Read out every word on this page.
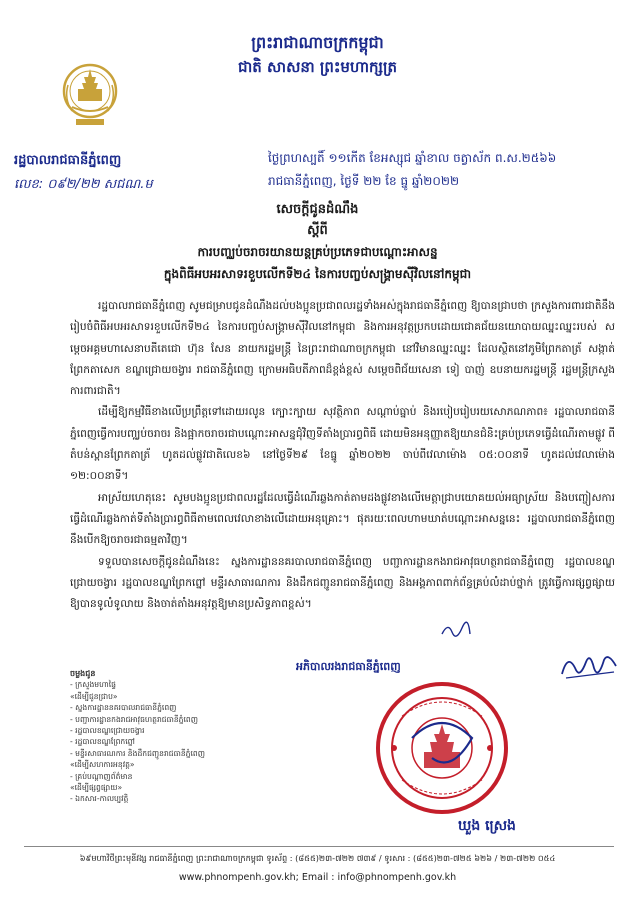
ព្រះរាជាណាចក្រកម្ពុជា
ជាតិ សាសនា ព្រះមហាក្សត្រ
រដ្ឋបាលរាជធានីភ្នំពេញ
លេខ: ០៩២/២២ សជណ.ម
ថ្ងៃព្រហស្បតិ៍ ១១កើត ខែអស្សុជ ឆ្នាំខាល ចត្វាស័ក ព.ស.២៥៦៦
រាជធានីភ្នំពេញ, ថ្ងៃទី ២២ ខែ ធ្នូ ឆ្នាំ២០២២
សេចក្តីជូនដំណឹង
ស្តីពី
ការបញ្ឈប់ចរាចរយានយន្តគ្រប់ប្រភេទជាបណ្តោះអាសន្ន
ក្នុងពិធីអបអរសាទរខួបលើកទី២៤ នៃការបញ្ចប់សង្គ្រាមស៊ីវិលនៅកម្ពុជា

រដ្ឋបាលរាជធានីភ្នំពេញ សូមជម្រាបជូនដំណឹងដល់បងប្អូនប្រជាពលរដ្ឋទាំងអស់ក្នុងរាជធានីភ្នំពេញ ឱ្យបានជ្រាបថា ក្រសួងការពារជាតិនឹងរៀបចំពិធីអបអរសាទរខួបលើកទី២៤ នៃការបញ្ចប់សង្គ្រាមស៊ីវិលនៅកម្ពុជា និងការអនុវត្តប្រកបដោយជោគជ័យនយោបាយឈ្នះឈ្នះរបស់ សម្តេចអគ្គមហាសេនាបតីតេជោ ហ៊ុន សែន នាយករដ្ឋមន្ត្រី នៃព្រះរាជាណាចក្រកម្ពុជា នៅវិមានឈ្នះឈ្នះ ដែលស្ថិតនៅភូមិព្រែកតាត្រ័ សង្កាត់ព្រែកតាសេក ខណ្ឌជ្រោយចង្វារ រាជធានីភ្នំពេញ ក្រោមអធិបតីភាពដ៏ខ្ពង់ខ្ពស់ សម្តេចពិជ័យសេនា ទៀ បាញ់ ឧបនាយករដ្ឋមន្ត្រី រដ្ឋមន្ត្រីក្រសួងការពារជាតិ។

ដើម្បីឱ្យកម្មវិធីខាងលើប្រព្រឹត្តទៅដោយរលូន ក្បោះក្បាយ សុវត្ថិភាព សណ្តាប់ធ្នាប់ និងរបៀបរៀបរយសោភណភាព៖ រដ្ឋបាលរាជធានីភ្នំពេញធ្វើការបញ្ឈប់ចរាចរ និងផ្អាកចរាចរជាបណ្តោះអាសន្នជុំវិញទីតាំងប្រារព្ធពិធី ដោយមិនអនុញ្ញាតឱ្យយានជំនិះគ្រប់ប្រភេទធ្វើដំណើរតាមផ្លូវ ពីតំបន់ស្ពានព្រែកតាត្រ័ ហូតដល់ផ្លូវជាតិលេខ៦ នៅថ្ងៃទី២៩ ខែធ្នូ ឆ្នាំ២០២២ ចាប់ពីវេលាម៉ោង ០៥:០០នាទី ហូតដល់វេលាម៉ោង ១២:០០នាទី។

អាស្រ័យហេតុនេះ សូមបងប្អូនប្រជាពលរដ្ឋដែលធ្វើដំណើរឆ្លងកាត់តាមដងផ្លូវខាងលើមេត្តាជ្រាបយោគយល់អធ្យាស្រ័យ និងបញ្ចៀសការធ្វើដំណើរឆ្លងកាត់ទីតាំងប្រារព្ធពិធីតាមពេលវេលាខាងលើដោយអនុគ្រោះ។ ផុតរយៈពេលហាមឃាត់បណ្តោះអាសន្ននេះ រដ្ឋបាលរាជធានីភ្នំពេញនឹងបើកឱ្យចរាចរជាធម្មតាវិញ។

ទទួលបានសេចក្តីជូនដំណឹងនេះ ស្នងការដ្ឋាននគរបាលរាជធានីភ្នំពេញ បញ្ជាការដ្ឋានកងរាជអាវុធហត្ថរាជធានីភ្នំពេញ រដ្ឋបាលខណ្ឌជ្រោយចង្វារ រដ្ឋបាលខណ្ឌព្រែកព្នៅ មន្ទីរសាធារណការ និងដឹកជញ្ជូនរាជធានីភ្នំពេញ និងអង្គភាពពាក់ព័ន្ធគ្រប់លំដាប់ថ្នាក់ ត្រូវធ្វើការផ្សព្វផ្សាយឱ្យបានទូលំទូលាយ និងចាត់តាំងអនុវត្តឱ្យមានប្រសិទ្ធភាពខ្ពស់។

ចម្លងជូន
- ក្រសួងមហាផ្ទៃ
«ដើម្បីជូនជ្រាប»
- ស្នងការដ្ឋាននគរបាលរាជធានីភ្នំពេញ
- បញ្ជាការដ្ឋានកងរាជអាវុធហត្ថរាជធានីភ្នំពេញ
- រដ្ឋបាលខណ្ឌជ្រោយចង្វារ
- រដ្ឋបាលខណ្ឌព្រែកព្នៅ
- មន្ទីរសាធារណការ និងដឹកជញ្ជូនរាជធានីភ្នំពេញ
«ដើម្បីសហការអនុវត្ត»
- គ្រប់បណ្តាញព័ត៌មាន
«ដើម្បីផ្សព្វផ្សាយ»
- ឯកសារ-កាលប្បវត្តិ
អភិបាលរងរាជធានីភ្នំពេញ
ឃួង ស្រេង
៦៩មហាវិថីព្រះមុនីវង្ស រាជធានីភ្នំពេញ ព្រះរាជាណាចក្រកម្ពុជា ទូរស័ព្ទ : (៨៥៥)២៣-៧២២ ៧៣៩ / ទូរសារ : (៨៥៥)២៣-៧២៥ ៦២៦ / ២៣-៧២២ ០៥៤
www.phnompenh.gov.kh; Email : info@phnompenh.gov.kh
